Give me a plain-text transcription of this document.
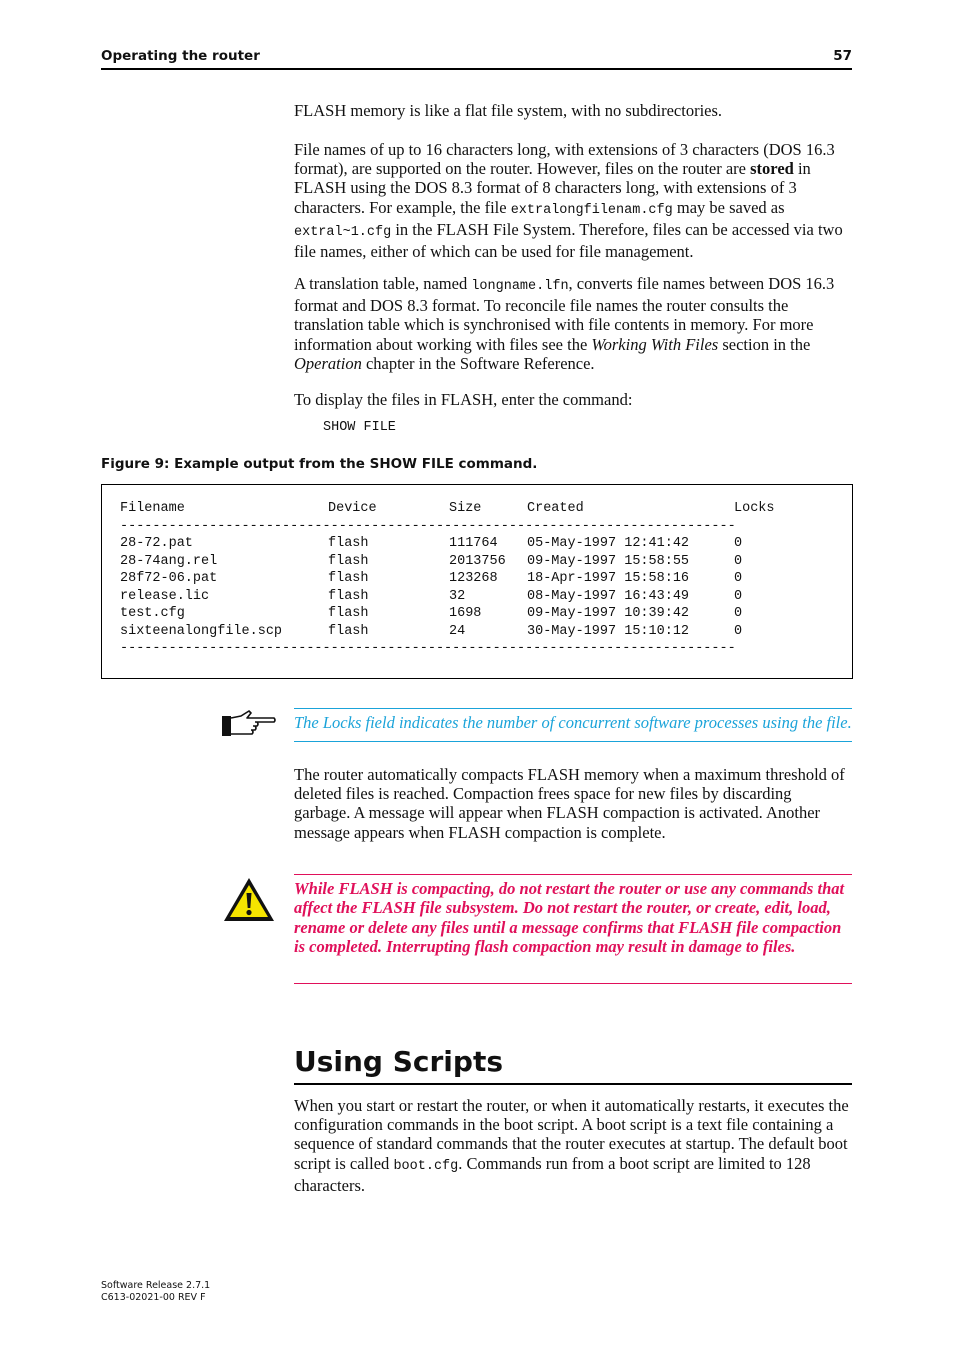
Operating the router	57

FLASH memory is like a flat file system, with no subdirectories.

File names of up to 16 characters long, with extensions of 3 characters (DOS 16.3 format), are supported on the router. However, files on the router are stored in FLASH using the DOS 8.3 format of 8 characters long, with extensions of 3 characters. For example, the file extralongfilenam.cfg may be saved as extral~1.cfg in the FLASH File System. Therefore, files can be accessed via two file names, either of which can be used for file management.

A translation table, named longname.lfn, converts file names between DOS 16.3 format and DOS 8.3 format. To reconcile file names the router consults the translation table which is synchronised with file contents in memory. For more information about working with files see the Working With Files section in the Operation chapter in the Software Reference.

To display the files in FLASH, enter the command:

SHOW FILE

Figure 9: Example output from the SHOW FILE command.

Filename	Device	Size	Created	Locks
----------------------------------------------------------------------------				
28-72.pat	flash	111764	05-May-1997 12:41:42	0
28-74ang.rel	flash	2013756	09-May-1997 15:58:55	0
28f72-06.pat	flash	123268	18-Apr-1997 15:58:16	0
release.lic	flash	32	08-May-1997 16:43:49	0
test.cfg	flash	1698	09-May-1997 10:39:42	0
sixteenalongfile.scp	flash	24	30-May-1997 15:10:12	0
----------------------------------------------------------------------------				

The Locks field indicates the number of concurrent software processes using the file.

The router automatically compacts FLASH memory when a maximum threshold of deleted files is reached. Compaction frees space for new files by discarding garbage. A message will appear when FLASH compaction is activated. Another message appears when FLASH compaction is complete.

While FLASH is compacting, do not restart the router or use any commands that affect the FLASH file subsystem. Do not restart the router, or create, edit, load, rename or delete any files until a message confirms that FLASH file compaction is completed. Interrupting flash compaction may result in damage to files.

Using Scripts

When you start or restart the router, or when it automatically restarts, it executes the configuration commands in the boot script. A boot script is a text file containing a sequence of standard commands that the router executes at startup. The default boot script is called boot.cfg. Commands run from a boot script are limited to 128 characters.

Software Release 2.7.1
C613-02021-00 REV F
